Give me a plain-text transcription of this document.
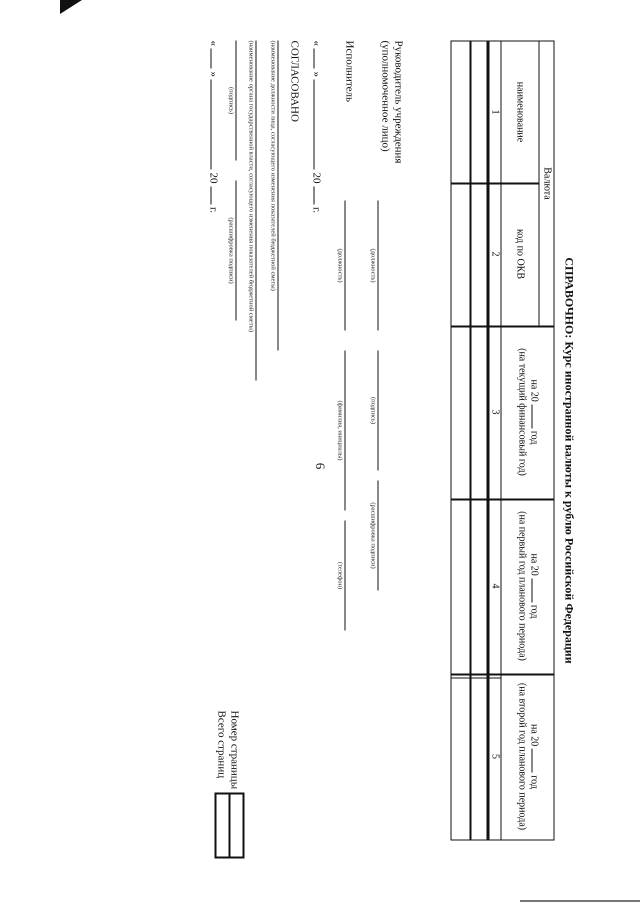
6	СПРАВОЧНО: Курс иностранной валюты к рублю Российской Федерации
Валюта
наименование
код по ОКВ
на 20  год
(на текущий финансовый год)
на 20  год
(на первый год планового периода)
на 20  год
(на второй год планового периода)
1
2
3
4
5
Руководитель учреждения
(уполномоченное лицо)
(должность)
(подпись)
(расшифровка подписи)
Исполнитель
(должность)
(фамилия, инициалы)
(телефон)
«  »  20  г.
СОГЛАСОВАНО
(наименование должности лица, согласующего изменения показателей бюджетной сметы)
(наименование органа государственной власти, согласующего изменения показателей бюджетной сметы)
(подпись)
(расшифровка подписи)
«  »  20  г.
Номер страницы
Всего страниц
